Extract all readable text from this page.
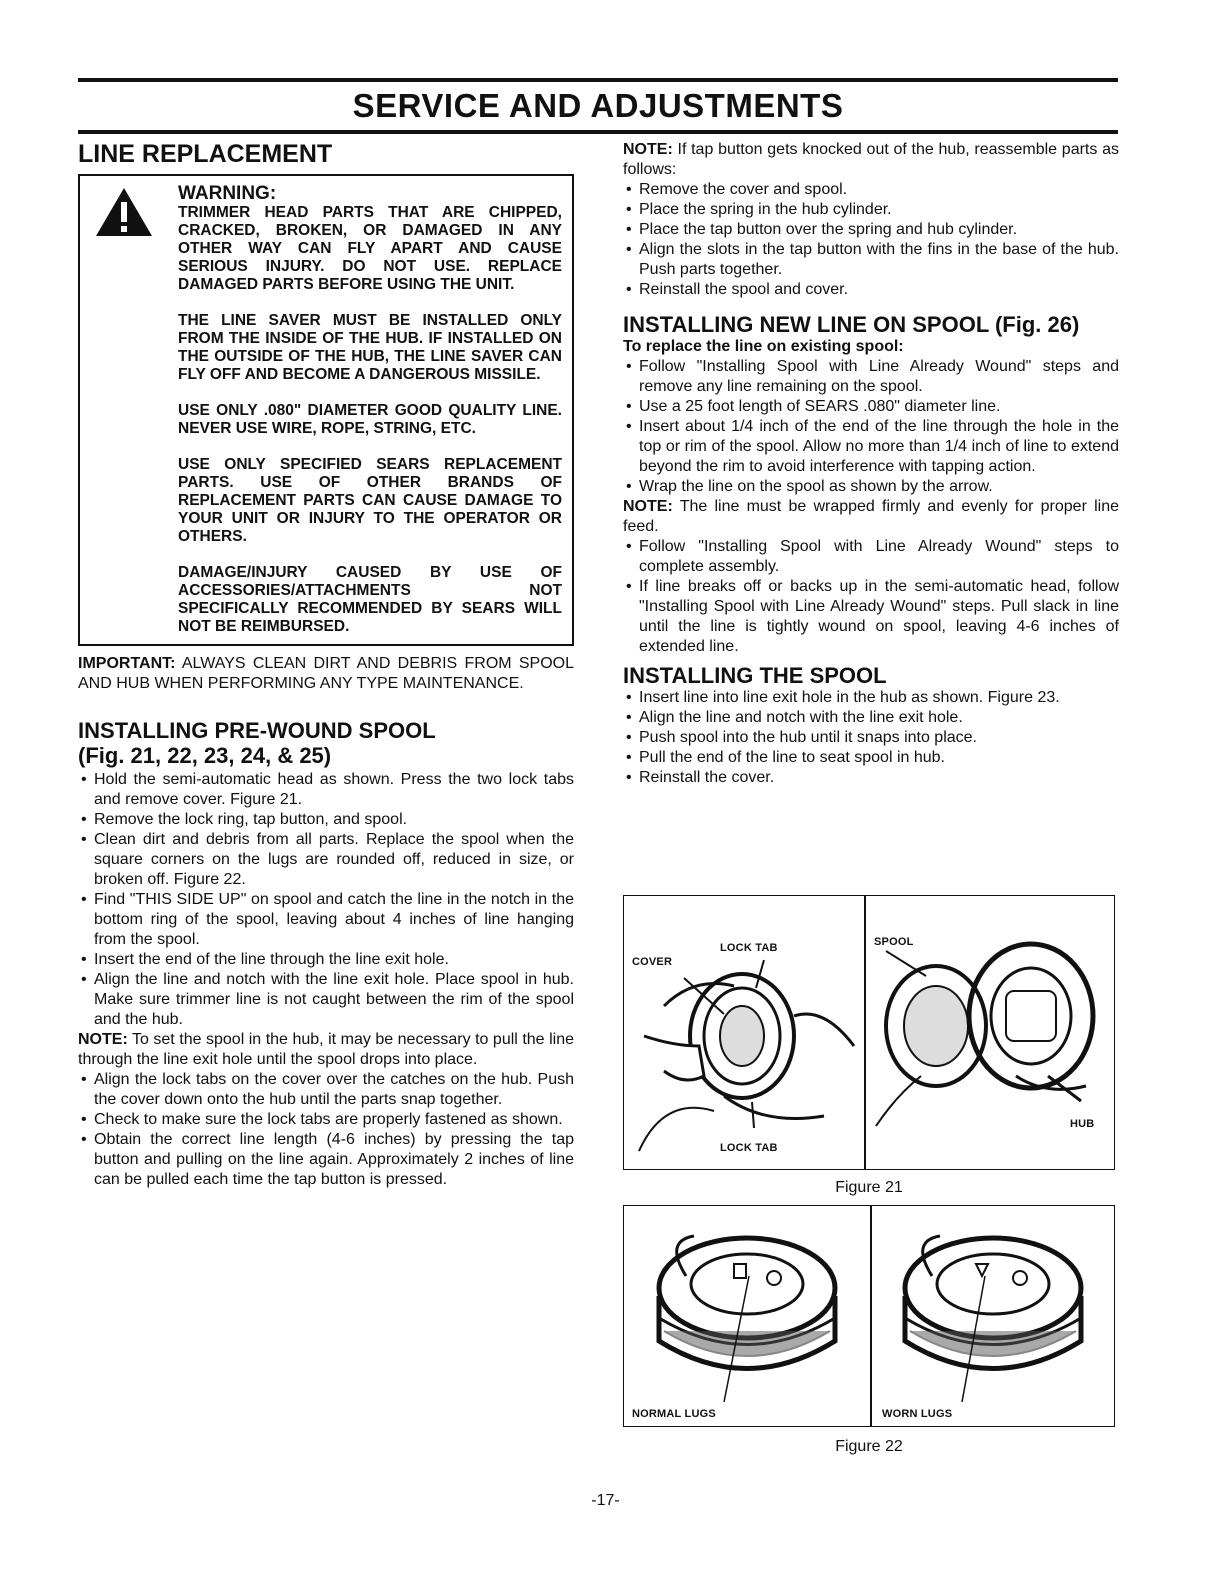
SERVICE AND ADJUSTMENTS
LINE REPLACEMENT
WARNING:

TRIMMER HEAD PARTS THAT ARE CHIPPED, CRACKED, BROKEN, OR DAMAGED IN ANY OTHER WAY CAN FLY APART AND CAUSE SERIOUS INJURY. DO NOT USE. REPLACE DAMAGED PARTS BEFORE USING THE UNIT.

THE LINE SAVER MUST BE INSTALLED ONLY FROM THE INSIDE OF THE HUB. IF INSTALLED ON THE OUTSIDE OF THE HUB, THE LINE SAVER CAN FLY OFF AND BECOME A DANGEROUS MISSILE.

USE ONLY .080" DIAMETER GOOD QUALITY LINE. NEVER USE WIRE, ROPE, STRING, ETC.

USE ONLY SPECIFIED SEARS REPLACEMENT PARTS. USE OF OTHER BRANDS OF REPLACEMENT PARTS CAN CAUSE DAMAGE TO YOUR UNIT OR INJURY TO THE OPERATOR OR OTHERS.

DAMAGE/INJURY CAUSED BY USE OF ACCESSORIES/ATTACHMENTS NOT SPECIFICALLY RECOMMENDED BY SEARS WILL NOT BE REIMBURSED.

IMPORTANT: ALWAYS CLEAN DIRT AND DEBRIS FROM SPOOL AND HUB WHEN PERFORMING ANY TYPE MAINTENANCE.

INSTALLING PRE-WOUND SPOOL
(Fig. 21, 22, 23, 24, & 25)
• Hold the semi-automatic head as shown. Press the two lock tabs and remove cover. Figure 21.
• Remove the lock ring, tap button, and spool.
• Clean dirt and debris from all parts. Replace the spool when the square corners on the lugs are rounded off, reduced in size, or broken off. Figure 22.
• Find "THIS SIDE UP" on spool and catch the line in the notch in the bottom ring of the spool, leaving about 4 inches of line hanging from the spool.
• Insert the end of the line through the line exit hole.
• Align the line and notch with the line exit hole. Place spool in hub. Make sure trimmer line is not caught between the rim of the spool and the hub.

NOTE: To set the spool in the hub, it may be necessary to pull the line through the line exit hole until the spool drops into place.

• Align the lock tabs on the cover over the catches on the hub. Push the cover down onto the hub until the parts snap together.
• Check to make sure the lock tabs are properly fastened as shown.
• Obtain the correct line length (4-6 inches) by pressing the tap button and pulling on the line again. Approximately 2 inches of line can be pulled each time the tap button is pressed.

NOTE: If tap button gets knocked out of the hub, reassemble parts as follows:

• Remove the cover and spool.
• Place the spring in the hub cylinder.
• Place the tap button over the spring and hub cylinder.
• Align the slots in the tap button with the fins in the base of the hub. Push parts together.
• Reinstall the spool and cover.
INSTALLING NEW LINE ON SPOOL (Fig. 26)
To replace the line on existing spool:
• Follow "Installing Spool with Line Already Wound" steps and remove any line remaining on the spool.
• Use a 25 foot length of SEARS .080" diameter line.
• Insert about 1/4 inch of the end of the line through the hole in the top or rim of the spool. Allow no more than 1/4 inch of line to extend beyond the rim to avoid interference with tapping action.
• Wrap the line on the spool as shown by the arrow.

NOTE: The line must be wrapped firmly and evenly for proper line feed.

• Follow "Installing Spool with Line Already Wound" steps to complete assembly.
• If line breaks off or backs up in the semi-automatic head, follow "Installing Spool with Line Already Wound" steps. Pull slack in line until the line is tightly wound on spool, leaving 4-6 inches of extended line.
INSTALLING THE SPOOL
• Insert line into line exit hole in the hub as shown. Figure 23.
• Align the line and notch with the line exit hole.
• Push spool into the hub until it snaps into place.
• Pull the end of the line to seat spool in hub.
• Reinstall the cover.
COVER
LOCK TAB
LOCK TAB
SPOOL
HUB
Figure 21
NORMAL LUGS	WORN LUGS
Figure 22
-17-
